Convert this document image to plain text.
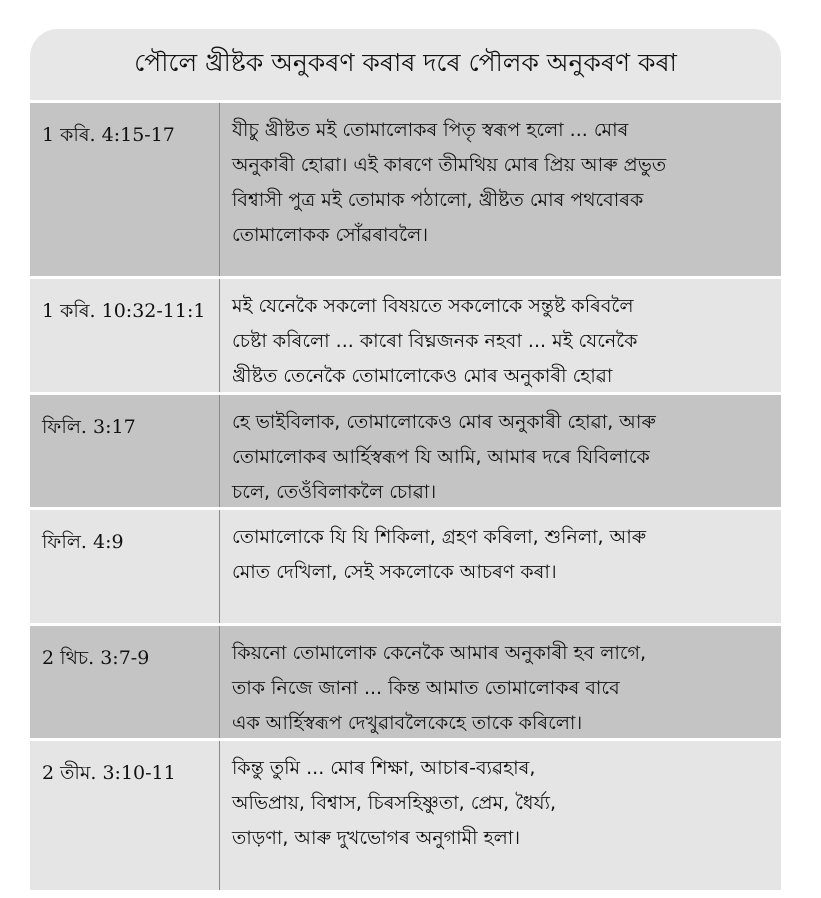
পৌলে খ্ৰীষ্টক অনুকৰণ কৰাৰ দৰে পৌলক অনুকৰণ কৰা
1 কৰি. 4:15-17	যীচু খ্ৰীষ্টত মই তোমালোকৰ পিতৃ স্বৰূপ হলো ... মোৰ
অনুকাৰী হোৱা। এই কাৰণে তীমথিয় মোৰ প্ৰিয় আৰু প্ৰভুত
বিশ্বাসী পুত্ৰ মই তোমাক পঠালো, খ্ৰীষ্টত মোৰ পথবোৰক
তোমালোকক সোঁৱৰাবলৈ।
1 কৰি. 10:32-11:1	মই যেনেকৈ সকলো বিষয়তে সকলোকে সন্তুষ্ট কৰিবলৈ
চেষ্টা কৰিলো ... কাৰো বিঘ্নজনক নহবা ... মই যেনেকৈ
খ্ৰীষ্টত তেনেকৈ তোমালোকেও মোৰ অনুকাৰী হোৱা
ফিলি. 3:17	হে ভাইবিলাক, তোমালোকেও মোৰ অনুকাৰী হোৱা, আৰু
তোমালোকৰ আৰ্হিস্বৰূপ যি আমি, আমাৰ দৰে যিবিলাকে
চলে, তেওঁবিলাকলৈ চোৱা।
ফিলি. 4:9	তোমালোকে যি যি শিকিলা, গ্ৰহণ কৰিলা, শুনিলা, আৰু
মোত দেখিলা, সেই সকলোকে আচৰণ কৰা।
2 থিচ. 3:7-9	কিয়নো তোমালোক কেনেকৈ আমাৰ অনুকাৰী হব লাগে,
তাক নিজে জানা ... কিন্ত আমাত তোমালোকৰ বাবে
এক আৰ্হিস্বৰূপ দেখুৱাবলৈকেহে তাকে কৰিলো।
2 তীম. 3:10-11	কিন্তু তুমি ... মোৰ শিক্ষা, আচাৰ-ব্যৱহাৰ,
অভিপ্ৰায়, বিশ্বাস, চিৰসহিষ্ণুতা, প্ৰেম, ধৈৰ্য্য,
তাড়ণা, আৰু দুখভোগৰ অনুগামী হলা।
